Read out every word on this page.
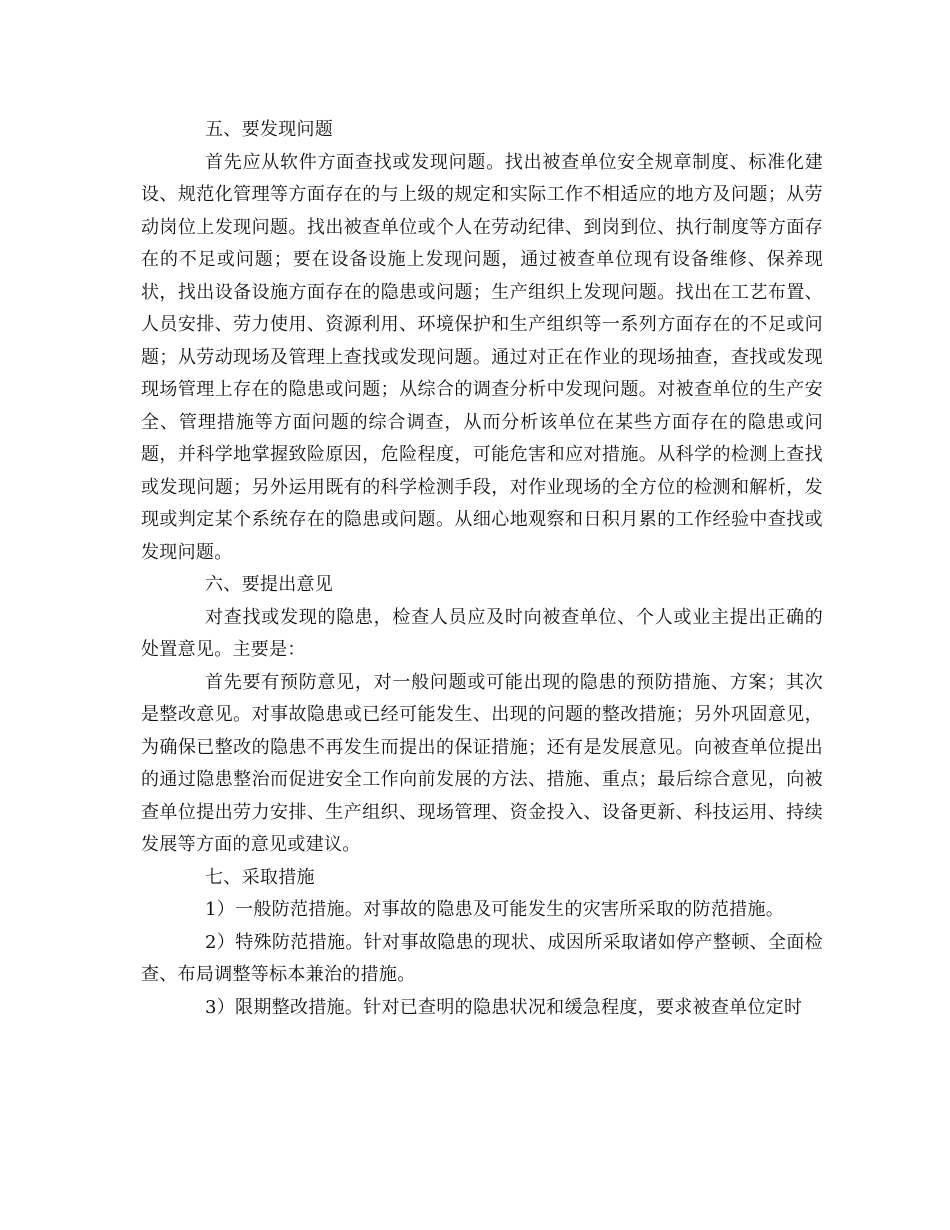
五、要发现问题

首先应从软件方面查找或发现问题。找出被查单位安全规章制度、标准化建设、规范化管理等方面存在的与上级的规定和实际工作不相适应的地方及问题；从劳动岗位上发现问题。找出被查单位或个人在劳动纪律、到岗到位、执行制度等方面存在的不足或问题；要在设备设施上发现问题，通过被查单位现有设备维修、保养现状，找出设备设施方面存在的隐患或问题；生产组织上发现问题。找出在工艺布置、人员安排、劳力使用、资源利用、环境保护和生产组织等一系列方面存在的不足或问题；从劳动现场及管理上查找或发现问题。通过对正在作业的现场抽查，查找或发现现场管理上存在的隐患或问题；从综合的调查分析中发现问题。对被查单位的生产安全、管理措施等方面问题的综合调查，从而分析该单位在某些方面存在的隐患或问题，并科学地掌握致险原因，危险程度，可能危害和应对措施。从科学的检测上查找或发现问题；另外运用既有的科学检测手段，对作业现场的全方位的检测和解析，发现或判定某个系统存在的隐患或问题。从细心地观察和日积月累的工作经验中查找或发现问题。

六、要提出意见

对查找或发现的隐患，检查人员应及时向被查单位、个人或业主提出正确的处置意见。主要是：

首先要有预防意见，对一般问题或可能出现的隐患的预防措施、方案；其次是整改意见。对事故隐患或已经可能发生、出现的问题的整改措施；另外巩固意见，为确保已整改的隐患不再发生而提出的保证措施；还有是发展意见。向被查单位提出的通过隐患整治而促进安全工作向前发展的方法、措施、重点；最后综合意见，向被查单位提出劳力安排、生产组织、现场管理、资金投入、设备更新、科技运用、持续发展等方面的意见或建议。

七、采取措施

1）一般防范措施。对事故的隐患及可能发生的灾害所采取的防范措施。

2）特殊防范措施。针对事故隐患的现状、成因所采取诸如停产整顿、全面检查、布局调整等标本兼治的措施。

3）限期整改措施。针对已查明的隐患状况和缓急程度，要求被查单位定时
